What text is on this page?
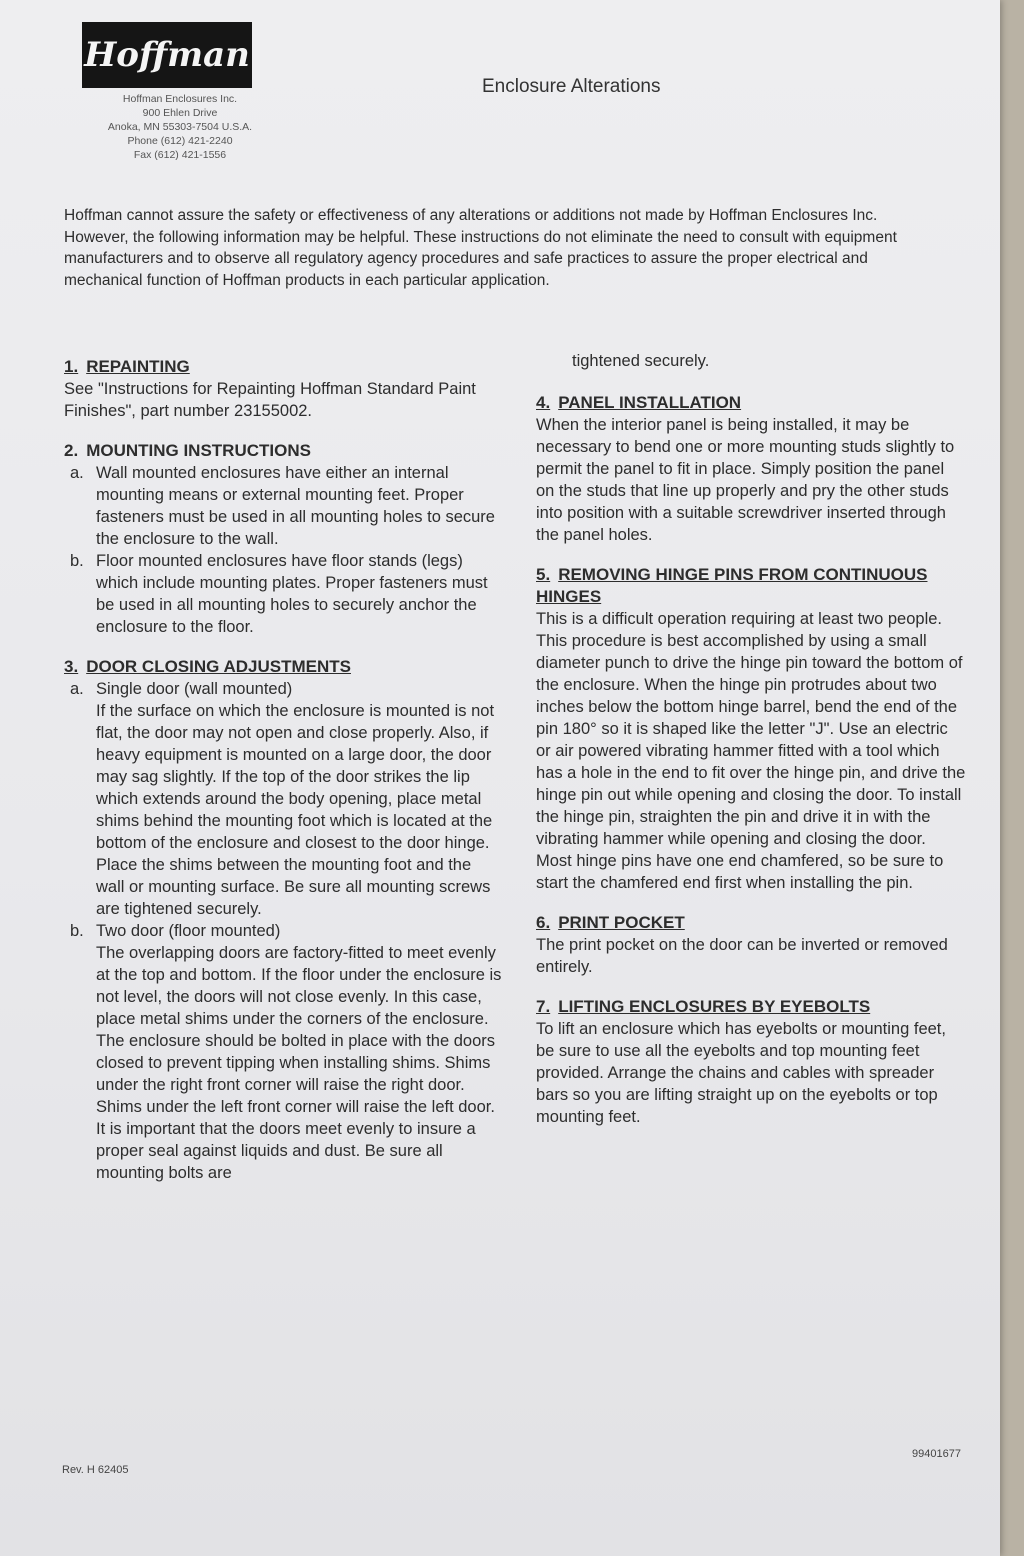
Hoffman
Hoffman Enclosures Inc.
900 Ehlen Drive
Anoka, MN 55303-7504 U.S.A.
Phone (612) 421-2240
Fax (612) 421-1556
Enclosure Alterations

Hoffman cannot assure the safety or effectiveness of any alterations or additions not made by Hoffman Enclosures Inc. However, the following information may be helpful. These instructions do not eliminate the need to consult with equipment manufacturers and to observe all regulatory agency procedures and safe practices to assure the proper electrical and mechanical function of Hoffman products in each particular application.

1. REPAINTING

See "Instructions for Repainting Hoffman Standard Paint Finishes", part number 23155002.

2. MOUNTING INSTRUCTIONS
a. Wall mounted enclosures have either an internal mounting means or external mounting feet. Proper fasteners must be used in all mounting holes to secure the enclosure to the wall.
b. Floor mounted enclosures have floor stands (legs) which include mounting plates. Proper fasteners must be used in all mounting holes to securely anchor the enclosure to the floor.
3. DOOR CLOSING ADJUSTMENTS
a. Single door (wall mounted)
If the surface on which the enclosure is mounted is not flat, the door may not open and close properly. Also, if heavy equipment is mounted on a large door, the door may sag slightly. If the top of the door strikes the lip which extends around the body opening, place metal shims behind the mounting foot which is located at the bottom of the enclosure and closest to the door hinge. Place the shims between the mounting foot and the wall or mounting surface. Be sure all mounting screws are tightened securely.
b. Two door (floor mounted)
The overlapping doors are factory-fitted to meet evenly at the top and bottom. If the floor under the enclosure is not level, the doors will not close evenly. In this case, place metal shims under the corners of the enclosure. The enclosure should be bolted in place with the doors closed to prevent tipping when installing shims. Shims under the right front corner will raise the right door. Shims under the left front corner will raise the left door. It is important that the doors meet evenly to insure a proper seal against liquids and dust. Be sure all mounting bolts are

tightened securely.

4. PANEL INSTALLATION

When the interior panel is being installed, it may be necessary to bend one or more mounting studs slightly to permit the panel to fit in place. Simply position the panel on the studs that line up properly and pry the other studs into position with a suitable screwdriver inserted through the panel holes.

5. REMOVING HINGE PINS FROM CONTINUOUS HINGES

This is a difficult operation requiring at least two people. This procedure is best accomplished by using a small diameter punch to drive the hinge pin toward the bottom of the enclosure. When the hinge pin protrudes about two inches below the bottom hinge barrel, bend the end of the pin 180° so it is shaped like the letter "J". Use an electric or air powered vibrating hammer fitted with a tool which has a hole in the end to fit over the hinge pin, and drive the hinge pin out while opening and closing the door. To install the hinge pin, straighten the pin and drive it in with the vibrating hammer while opening and closing the door. Most hinge pins have one end chamfered, so be sure to start the chamfered end first when installing the pin.

6. PRINT POCKET

The print pocket on the door can be inverted or removed entirely.

7. LIFTING ENCLOSURES BY EYEBOLTS

To lift an enclosure which has eyebolts or mounting feet, be sure to use all the eyebolts and top mounting feet provided. Arrange the chains and cables with spreader bars so you are lifting straight up on the eyebolts or top mounting feet.

Rev. H 62405
99401677
